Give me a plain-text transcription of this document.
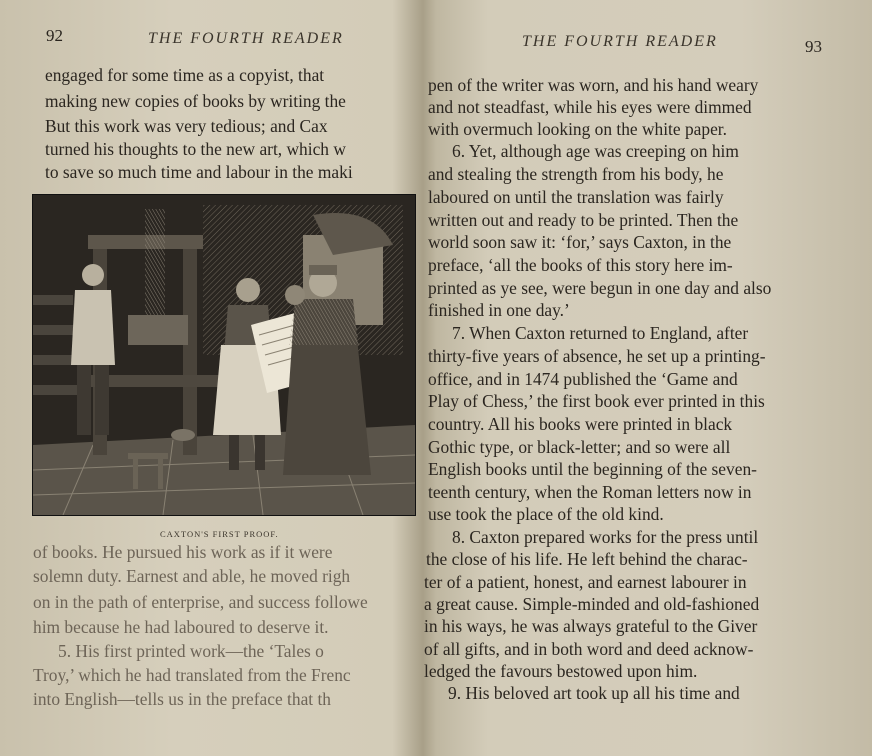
92	THE FOURTH READER
engaged for some time as a copyist, that
making new copies of books by writing the
But this work was very tedious; and Cax
turned his thoughts to the new art, which w
to save so much time and labour in the maki
CAXTON'S FIRST PROOF.
of books. He pursued his work as if it were
solemn duty. Earnest and able, he moved righ
on in the path of enterprise, and success followe
him because he had laboured to deserve it.
5. His first printed work—the ‘Tales o
Troy,’ which he had translated from the Frenc
into English—tells us in the preface that th
THE FOURTH READER	93
pen of the writer was worn, and his hand weary
and not steadfast, while his eyes were dimmed
with overmuch looking on the white paper.
6. Yet, although age was creeping on him
and stealing the strength from his body, he
laboured on until the translation was fairly
written out and ready to be printed. Then the
world soon saw it: ‘for,’ says Caxton, in the
preface, ‘all the books of this story here im-
printed as ye see, were begun in one day and also
finished in one day.’
7. When Caxton returned to England, after
thirty-five years of absence, he set up a printing-
office, and in 1474 published the ‘Game and
Play of Chess,’ the first book ever printed in this
country. All his books were printed in black
Gothic type, or black-letter; and so were all
English books until the beginning of the seven-
teenth century, when the Roman letters now in
use took the place of the old kind.
8. Caxton prepared works for the press until
the close of his life. He left behind the charac-
ter of a patient, honest, and earnest labourer in
a great cause. Simple-minded and old-fashioned
in his ways, he was always grateful to the Giver
of all gifts, and in both word and deed acknow-
ledged the favours bestowed upon him.
9. His beloved art took up all his time and
